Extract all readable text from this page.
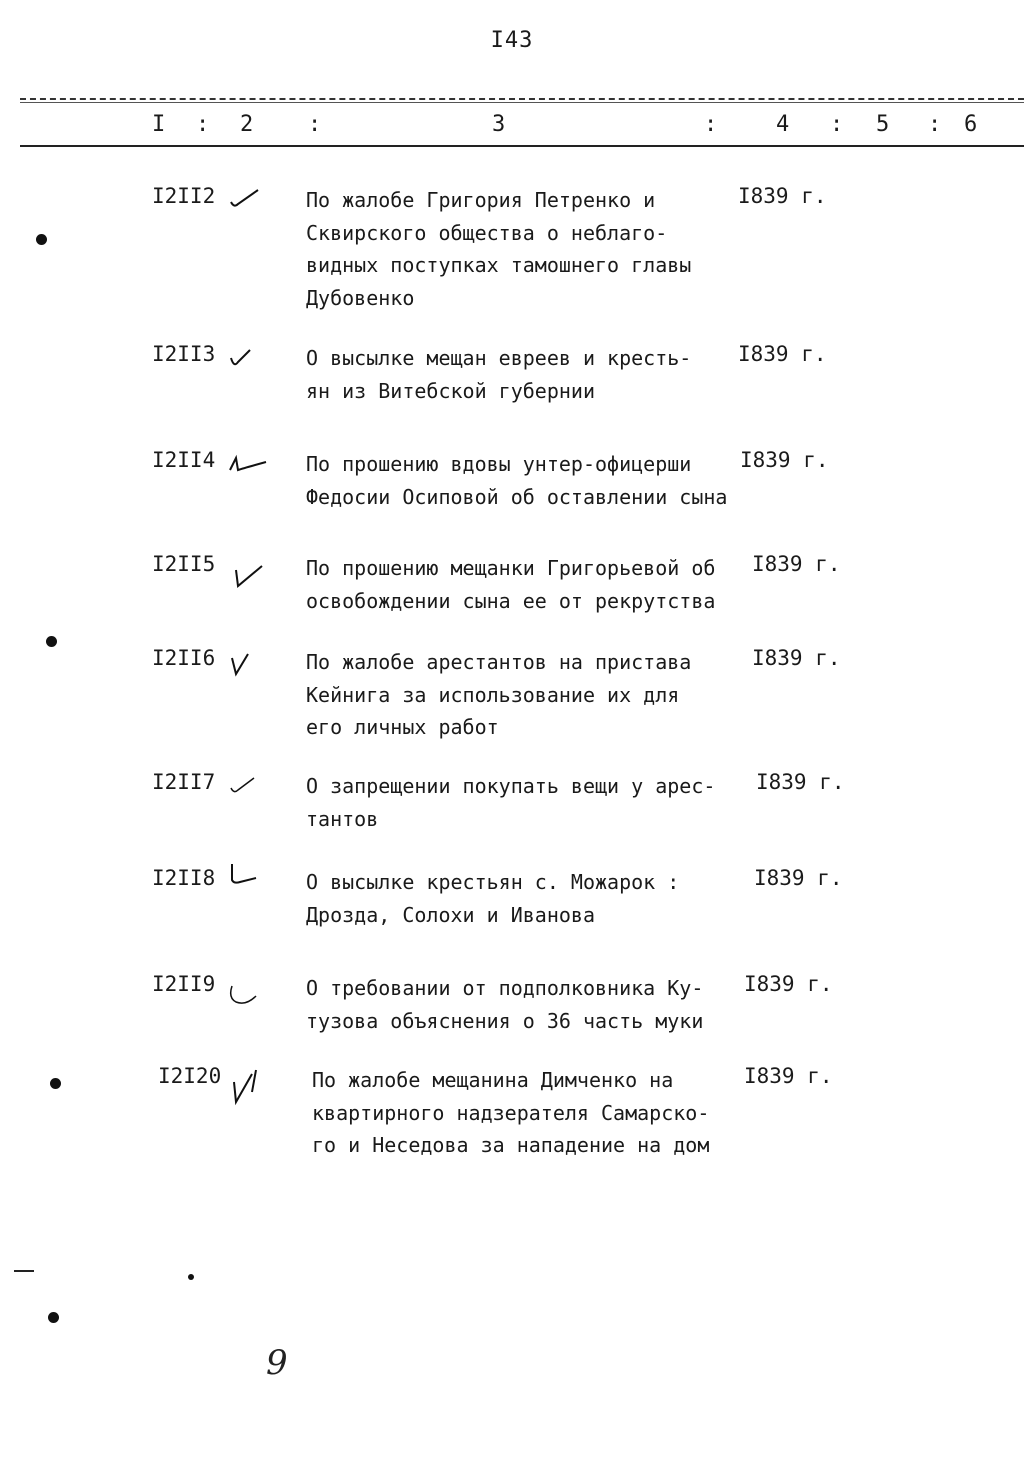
I43
I : 2 :	3	:	4 : 5 : 6
I2II2	По жалобе Григория Петренко и
Сквирского общества о неблаго-
видных поступках тамошнего главы
Дубовенко
I839 г.
I2II3	О высылке мещан евреев и кресть-
ян из Витебской губернии
I839 г.
I2II4	По прошению вдовы унтер-офицерши
Федосии Осиповой об оставлении сына
I839 г.
I2II5	По прошению мещанки Григорьевой об
освобождении сына ее от рекрутства
I839 г.
I2II6	По жалобе арестантов на пристава
Кейнига за использование их для
его личных работ
I839 г.
I2II7	О запрещении покупать вещи у арес-
тантов
I839 г.
I2II8	О высылке крестьян с. Можарок :
Дрозда, Солохи и Иванова
I839 г.
I2II9	О требовании от подполковника Ку-
тузова объяснения о 36 часть муки
I839 г.
I2I20	По жалобе мещанина Димченко на
квартирного надзерателя Самарско-
го и Неседова за нападение на дом
I839 г.
9
